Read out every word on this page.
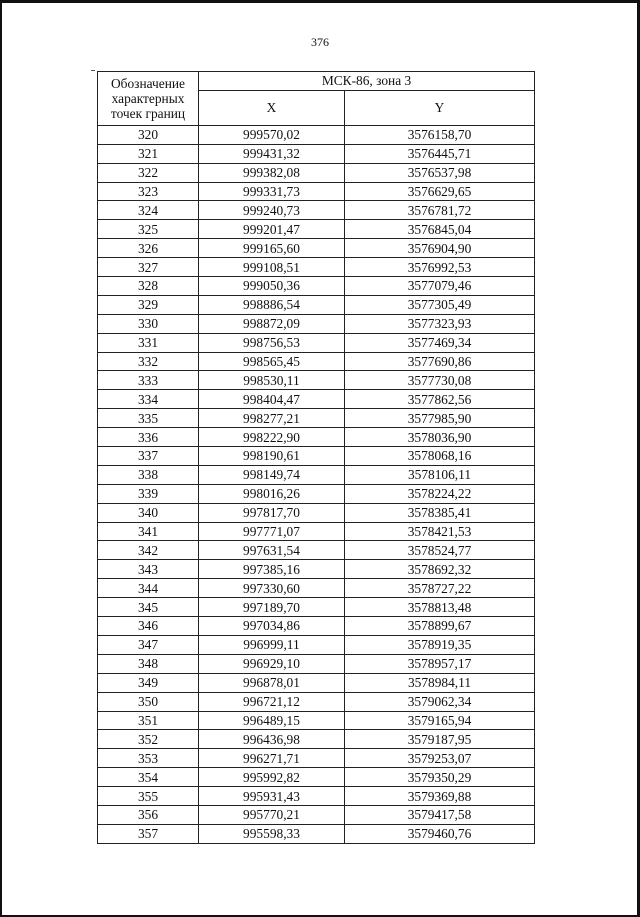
376
Обозначение характерных точек границ	МСК-86, зона 3	
	X	Y
320	999570,02	3576158,70
321	999431,32	3576445,71
322	999382,08	3576537,98
323	999331,73	3576629,65
324	999240,73	3576781,72
325	999201,47	3576845,04
326	999165,60	3576904,90
327	999108,51	3576992,53
328	999050,36	3577079,46
329	998886,54	3577305,49
330	998872,09	3577323,93
331	998756,53	3577469,34
332	998565,45	3577690,86
333	998530,11	3577730,08
334	998404,47	3577862,56
335	998277,21	3577985,90
336	998222,90	3578036,90
337	998190,61	3578068,16
338	998149,74	3578106,11
339	998016,26	3578224,22
340	997817,70	3578385,41
341	997771,07	3578421,53
342	997631,54	3578524,77
343	997385,16	3578692,32
344	997330,60	3578727,22
345	997189,70	3578813,48
346	997034,86	3578899,67
347	996999,11	3578919,35
348	996929,10	3578957,17
349	996878,01	3578984,11
350	996721,12	3579062,34
351	996489,15	3579165,94
352	996436,98	3579187,95
353	996271,71	3579253,07
354	995992,82	3579350,29
355	995931,43	3579369,88
356	995770,21	3579417,58
357	995598,33	3579460,76
